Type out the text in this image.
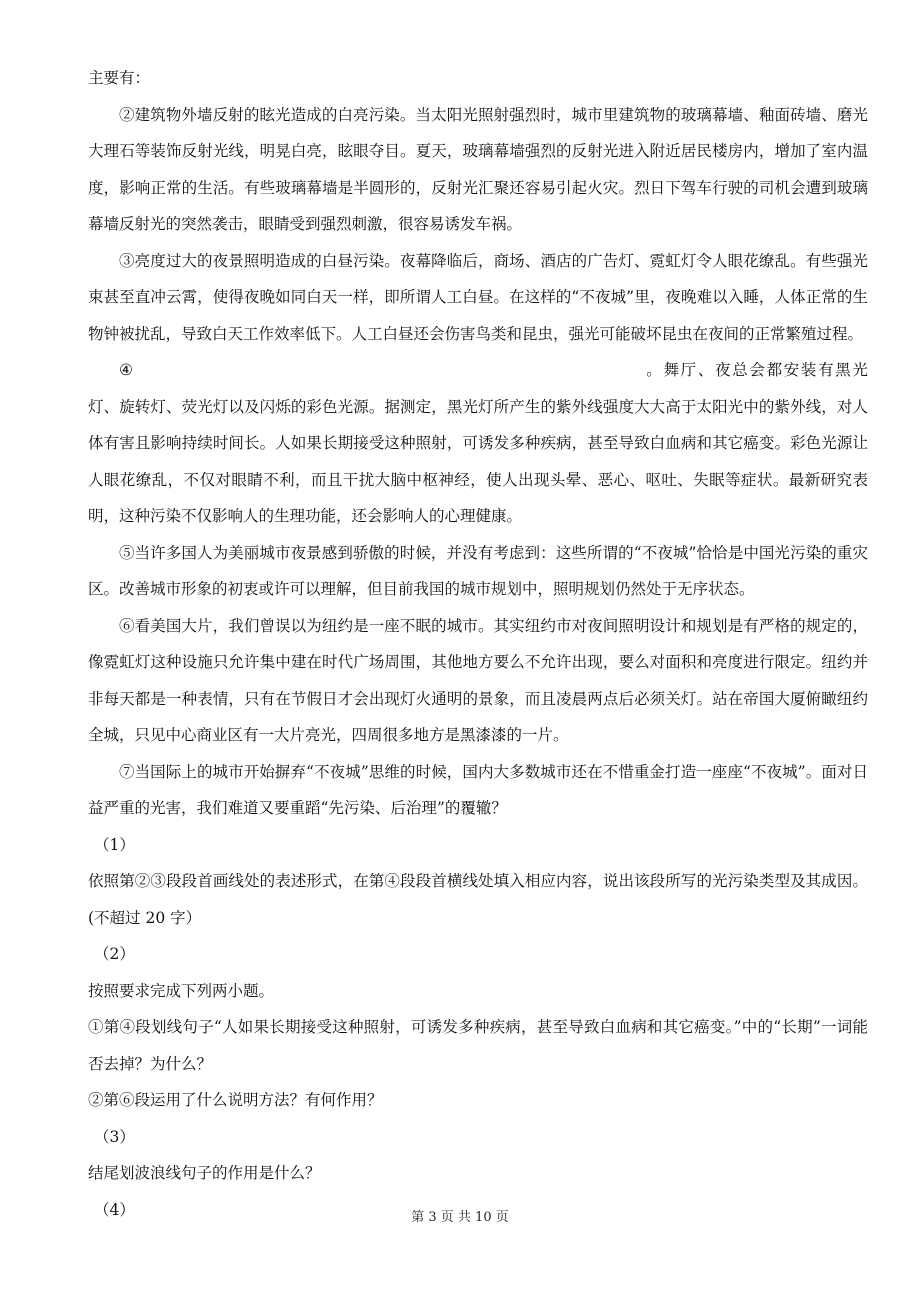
主要有：

②建筑物外墙反射的眩光造成的白亮污染。当太阳光照射强烈时，城市里建筑物的玻璃幕墙、釉面砖墙、磨光大理石等装饰反射光线，明晃白亮，眩眼夺目。夏天，玻璃幕墙强烈的反射光进入附近居民楼房内，增加了室内温度，影响正常的生活。有些玻璃幕墙是半圆形的，反射光汇聚还容易引起火灾。烈日下驾车行驶的司机会遭到玻璃幕墙反射光的突然袭击，眼睛受到强烈刺激，很容易诱发车祸。

③亮度过大的夜景照明造成的白昼污染。夜幕降临后，商场、酒店的广告灯、霓虹灯令人眼花缭乱。有些强光束甚至直冲云霄，使得夜晚如同白天一样，即所谓人工白昼。在这样的“不夜城”里，夜晚难以入睡，人体正常的生物钟被扰乱，导致白天工作效率低下。人工白昼还会伤害鸟类和昆虫，强光可能破坏昆虫在夜间的正常繁殖过程。

④	。舞厅、夜总会都安装有黑光灯、旋转灯、荧光灯以及闪烁的彩色光源。据测定，黑光灯所产生的紫外线强度大大高于太阳光中的紫外线，对人体有害且影响持续时间长。人如果长期接受这种照射，可诱发多种疾病，甚至导致白血病和其它癌变。彩色光源让人眼花缭乱，不仅对眼睛不利，而且干扰大脑中枢神经，使人出现头晕、恶心、呕吐、失眠等症状。最新研究表明，这种污染不仅影响人的生理功能，还会影响人的心理健康。

⑤当许多国人为美丽城市夜景感到骄傲的时候，并没有考虑到：这些所谓的“不夜城”恰恰是中国光污染的重灾区。改善城市形象的初衷或许可以理解，但目前我国的城市规划中，照明规划仍然处于无序状态。

⑥看美国大片，我们曾误以为纽约是一座不眠的城市。其实纽约市对夜间照明设计和规划是有严格的规定的，像霓虹灯这种设施只允许集中建在时代广场周围，其他地方要么不允许出现，要么对面积和亮度进行限定。纽约并非每天都是一种表情，只有在节假日才会出现灯火通明的景象，而且凌晨两点后必须关灯。站在帝国大厦俯瞰纽约全城，只见中心商业区有一大片亮光，四周很多地方是黑漆漆的一片。

⑦当国际上的城市开始摒弃“不夜城”思维的时候，国内大多数城市还在不惜重金打造一座座“不夜城”。面对日益严重的光害，我们难道又要重蹈“先污染、后治理”的覆辙？

（1）

依照第②③段段首画线处的表述形式，在第④段段首横线处填入相应内容，说出该段所写的光污染类型及其成因。(不超过 20 字）

（2）

按照要求完成下列两小题。

①第④段划线句子“人如果长期接受这种照射，可诱发多种疾病，甚至导致白血病和其它癌变。”中的“长期”一词能否去掉？为什么？

②第⑥段运用了什么说明方法？有何作用？

（3）

结尾划波浪线句子的作用是什么？

（4）	第 3 页 共 10 页
